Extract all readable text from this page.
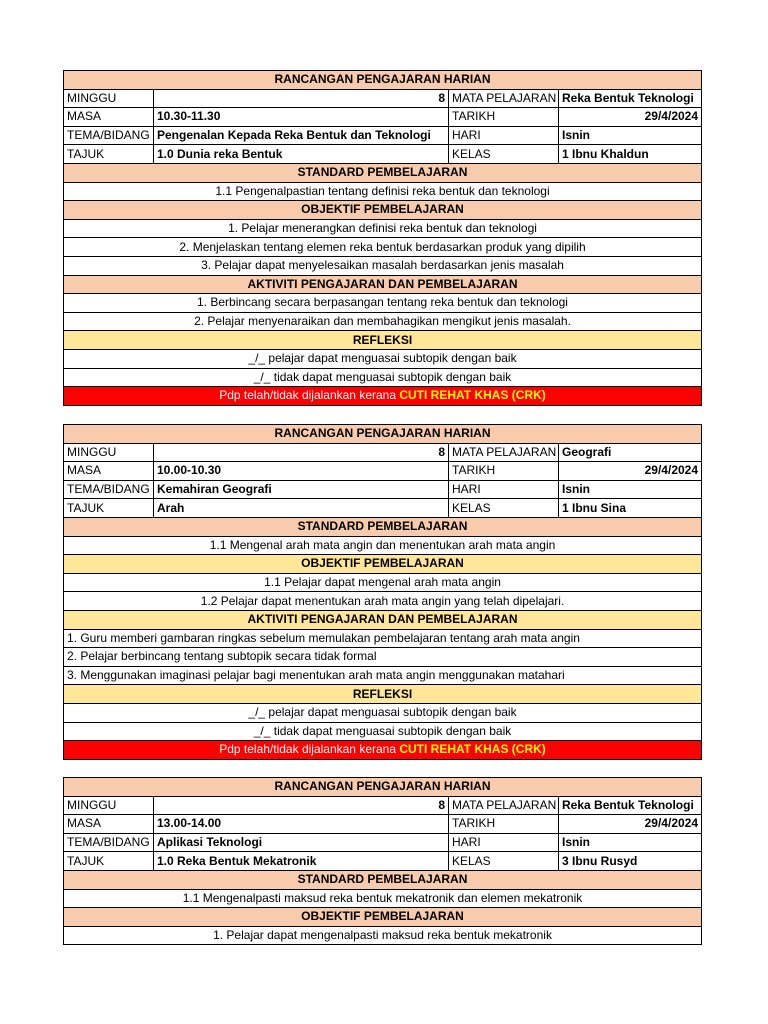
RANCANGAN PENGAJARAN HARIAN			
MINGGU	8	MATA PELAJARAN	Reka Bentuk Teknologi
MASA	10.30-11.30	TARIKH	29/4/2024
TEMA/BIDANG	Pengenalan Kepada Reka Bentuk dan Teknologi	HARI	Isnin
TAJUK	1.0 Dunia reka Bentuk	KELAS	1 Ibnu Khaldun
STANDARD PEMBELAJARAN			
1.1 Pengenalpastian tentang definisi reka bentuk dan teknologi			
OBJEKTIF PEMBELAJARAN			
1. Pelajar menerangkan definisi reka bentuk dan teknologi			
2. Menjelaskan tentang elemen reka bentuk berdasarkan produk yang dipilih			
3. Pelajar dapat menyelesaikan masalah berdasarkan jenis masalah			
AKTIVITI PENGAJARAN DAN PEMBELAJARAN			
1. Berbincang secara berpasangan tentang reka bentuk dan teknologi			
2. Pelajar menyenaraikan dan membahagikan mengikut jenis masalah.			
REFLEKSI			
_/_ pelajar dapat menguasai subtopik dengan baik			
_/_ tidak dapat menguasai subtopik dengan baik			
Pdp telah/tidak dijalankan kerana CUTI REHAT KHAS (CRK)			
RANCANGAN PENGAJARAN HARIAN			
MINGGU	8	MATA PELAJARAN	Geografi
MASA	10.00-10.30	TARIKH	29/4/2024
TEMA/BIDANG	Kemahiran Geografi	HARI	Isnin
TAJUK	Arah	KELAS	1 Ibnu Sina
STANDARD PEMBELAJARAN			
1.1 Mengenal arah mata angin dan menentukan arah mata angin			
OBJEKTIF PEMBELAJARAN			
1.1 Pelajar dapat mengenal arah mata angin			
1.2 Pelajar dapat menentukan arah mata angin yang telah dipelajari.			
AKTIVITI PENGAJARAN DAN PEMBELAJARAN			
1. Guru memberi gambaran ringkas sebelum memulakan pembelajaran tentang arah mata angin			
2. Pelajar berbincang tentang subtopik secara tidak formal			
3. Menggunakan imaginasi pelajar bagi menentukan arah mata angin menggunakan matahari			
REFLEKSI			
_/_ pelajar dapat menguasai subtopik dengan baik			
_/_ tidak dapat menguasai subtopik dengan baik			
Pdp telah/tidak dijalankan kerana CUTI REHAT KHAS (CRK)			
RANCANGAN PENGAJARAN HARIAN			
MINGGU	8	MATA PELAJARAN	Reka Bentuk Teknologi
MASA	13.00-14.00	TARIKH	29/4/2024
TEMA/BIDANG	Aplikasi Teknologi	HARI	Isnin
TAJUK	1.0 Reka Bentuk Mekatronik	KELAS	3 Ibnu Rusyd
STANDARD PEMBELAJARAN			
1.1 Mengenalpasti maksud reka bentuk mekatronik dan elemen mekatronik			
OBJEKTIF PEMBELAJARAN			
1. Pelajar dapat mengenalpasti maksud reka bentuk mekatronik			
